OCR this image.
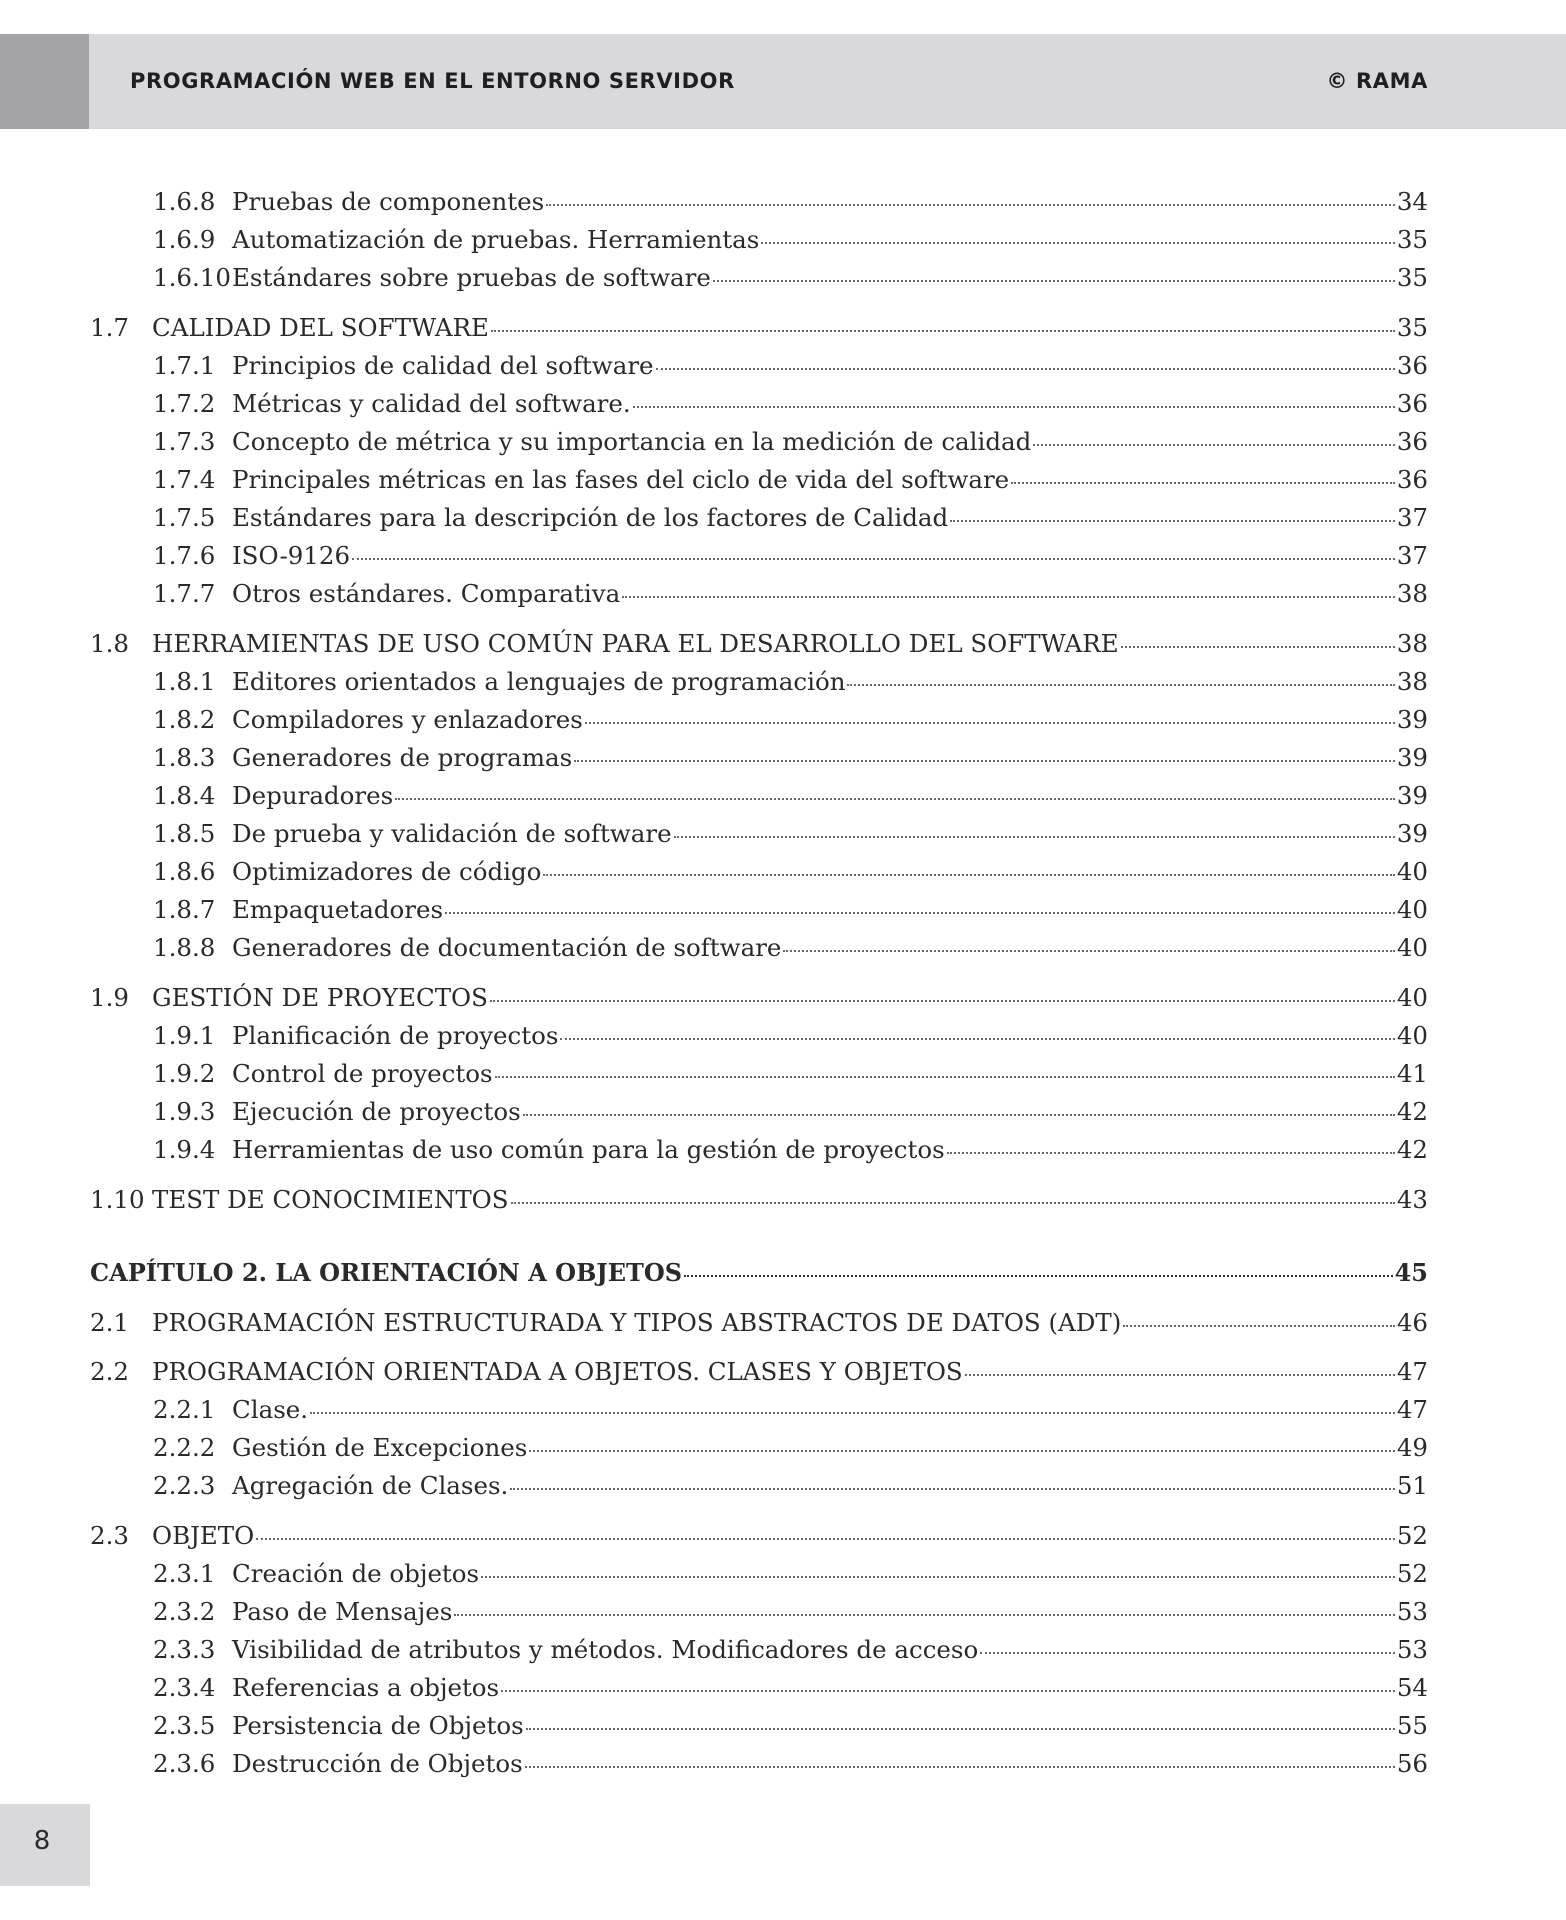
PROGRAMACIÓN WEB EN EL ENTORNO SERVIDOR	© RAMA
1.6.8 Pruebas de componentes	34
1.6.9 Automatización de pruebas. Herramientas	35
1.6.10 Estándares sobre pruebas de software	35
1.7 CALIDAD DEL SOFTWARE	35
1.7.1 Principios de calidad del software	36
1.7.2 Métricas y calidad del software.	36
1.7.3 Concepto de métrica y su importancia en la medición de calidad	36
1.7.4 Principales métricas en las fases del ciclo de vida del software	36
1.7.5 Estándares para la descripción de los factores de Calidad	37
1.7.6 ISO-9126	37
1.7.7 Otros estándares. Comparativa	38
1.8 HERRAMIENTAS DE USO COMÚN PARA EL DESARROLLO DEL SOFTWARE	38
1.8.1 Editores orientados a lenguajes de programación	38
1.8.2 Compiladores y enlazadores	39
1.8.3 Generadores de programas	39
1.8.4 Depuradores	39
1.8.5 De prueba y validación de software	39
1.8.6 Optimizadores de código	40
1.8.7 Empaquetadores	40
1.8.8 Generadores de documentación de software	40
1.9 GESTIÓN DE PROYECTOS	40
1.9.1 Planificación de proyectos	40
1.9.2 Control de proyectos	41
1.9.3 Ejecución de proyectos	42
1.9.4 Herramientas de uso común para la gestión de proyectos	42
1.10 TEST DE CONOCIMIENTOS	43
CAPÍTULO 2. LA ORIENTACIÓN A OBJETOS	45
2.1 PROGRAMACIÓN ESTRUCTURADA Y TIPOS ABSTRACTOS DE DATOS (ADT)	46
2.2 PROGRAMACIÓN ORIENTADA A OBJETOS. CLASES Y OBJETOS	47
2.2.1 Clase.	47
2.2.2 Gestión de Excepciones	49
2.2.3 Agregación de Clases.	51
2.3 OBJETO	52
2.3.1 Creación de objetos	52
2.3.2 Paso de Mensajes	53
2.3.3 Visibilidad de atributos y métodos. Modificadores de acceso	53
2.3.4 Referencias a objetos	54
2.3.5 Persistencia de Objetos	55
2.3.6 Destrucción de Objetos	56
8
